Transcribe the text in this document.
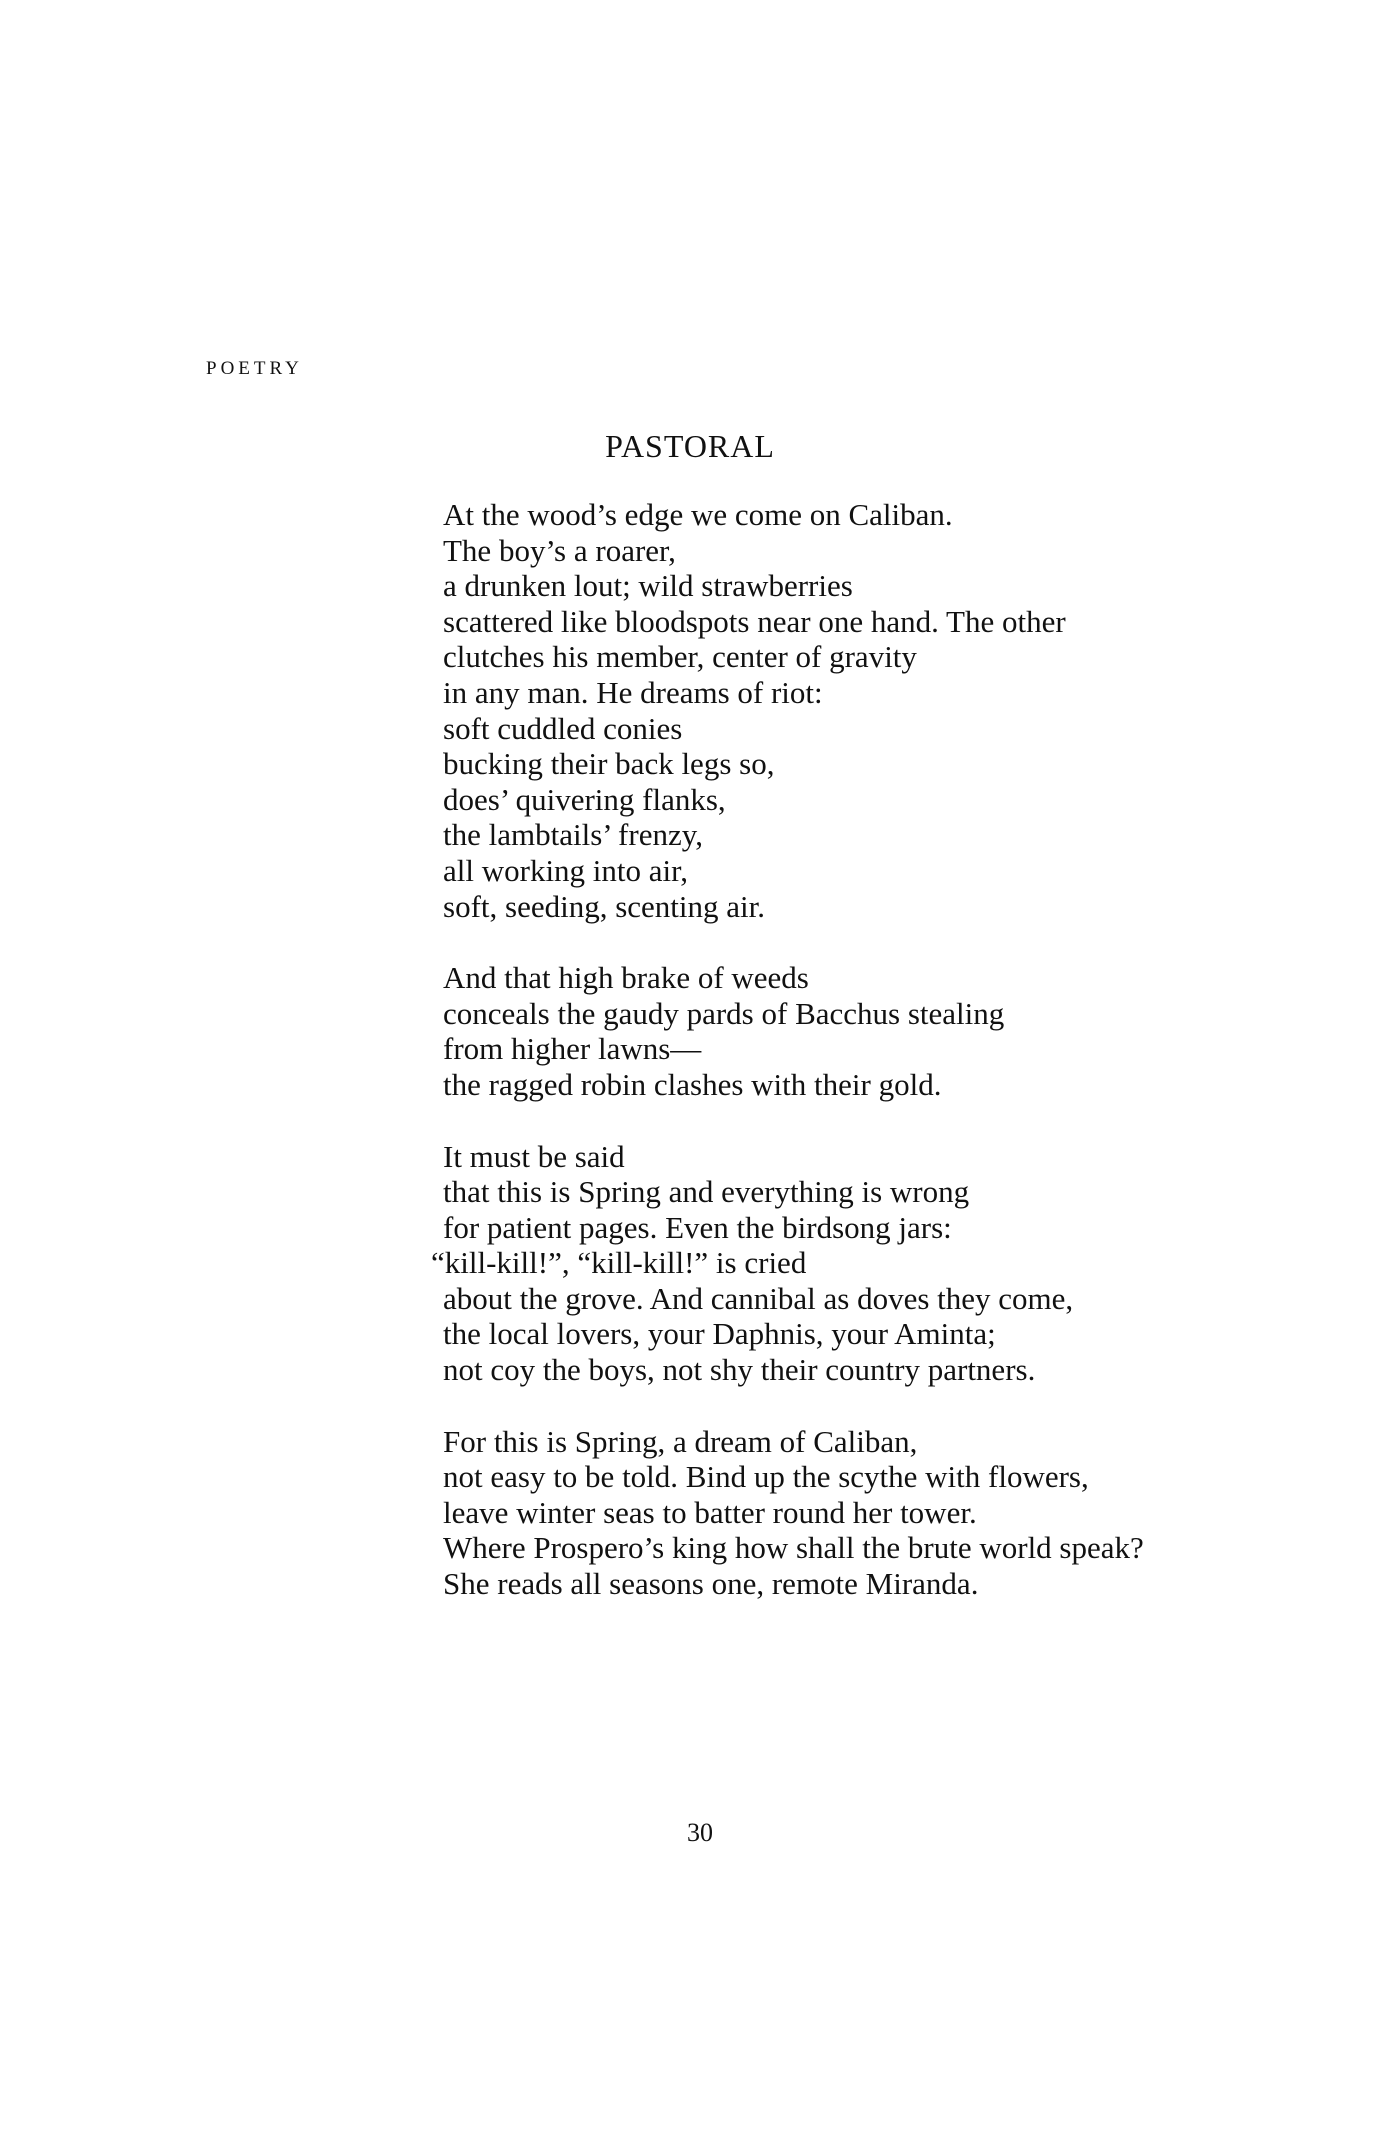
POETRY

PASTORAL
At the wood’s edge we come on Caliban.
The boy’s a roarer,
a drunken lout; wild strawberries
scattered like bloodspots near one hand. The other
clutches his member, center of gravity
in any man. He dreams of riot:
soft cuddled conies
bucking their back legs so,
does’ quivering flanks,
the lambtails’ frenzy,
all working into air,
soft, seeding, scenting air.
And that high brake of weeds
conceals the gaudy pards of Bacchus stealing
from higher lawns—
the ragged robin clashes with their gold.
It must be said
that this is Spring and everything is wrong
for patient pages. Even the birdsong jars:
“kill-kill!”, “kill-kill!” is cried
about the grove. And cannibal as doves they come,
the local lovers, your Daphnis, your Aminta;
not coy the boys, not shy their country partners.
For this is Spring, a dream of Caliban,
not easy to be told. Bind up the scythe with flowers,
leave winter seas to batter round her tower.
Where Prospero’s king how shall the brute world speak?
She reads all seasons one, remote Miranda.

30
